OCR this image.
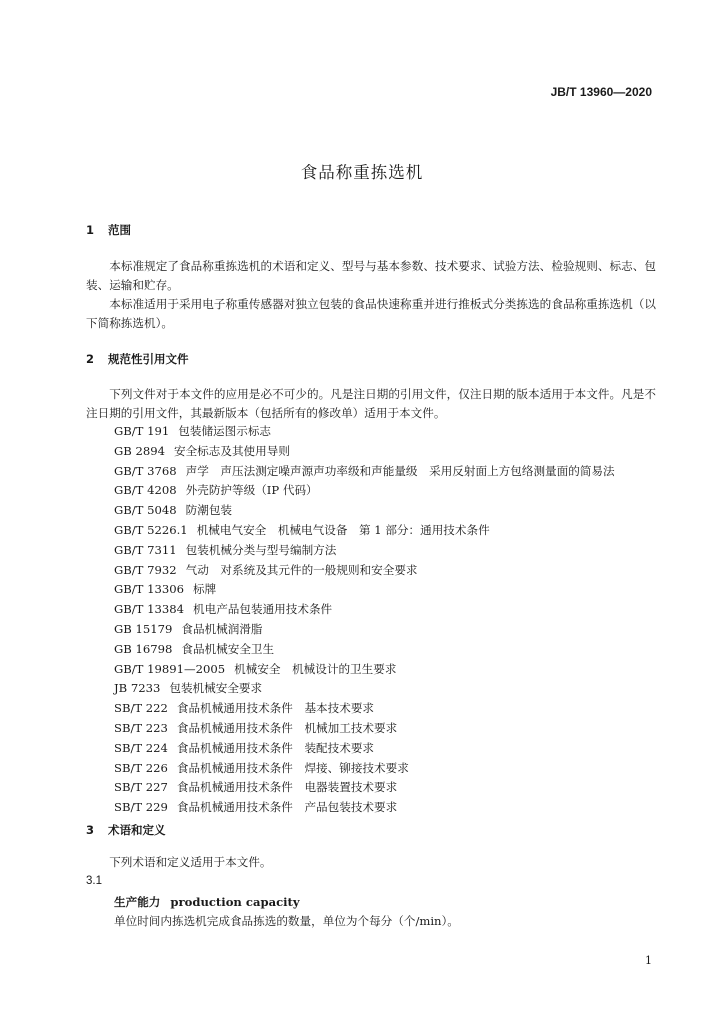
JB/T 13960—2020
食品称重拣选机
1 范围

本标准规定了食品称重拣选机的术语和定义、型号与基本参数、技术要求、试验方法、检验规则、标志、包装、运输和贮存。

本标准适用于采用电子称重传感器对独立包装的食品快速称重并进行推板式分类拣选的食品称重拣选机（以下简称拣选机）。

2 规范性引用文件

下列文件对于本文件的应用是必不可少的。凡是注日期的引用文件，仅注日期的版本适用于本文件。凡是不注日期的引用文件，其最新版本（包括所有的修改单）适用于本文件。

GB/T 191 包装储运图示标志
GB 2894 安全标志及其使用导则
GB/T 3768 声学　声压法测定噪声源声功率级和声能量级　采用反射面上方包络测量面的简易法
GB/T 4208 外壳防护等级（IP 代码）
GB/T 5048 防潮包装
GB/T 5226.1 机械电气安全　机械电气设备　第 1 部分：通用技术条件
GB/T 7311 包装机械分类与型号编制方法
GB/T 7932 气动　对系统及其元件的一般规则和安全要求
GB/T 13306 标牌
GB/T 13384 机电产品包装通用技术条件
GB 15179 食品机械润滑脂
GB 16798 食品机械安全卫生
GB/T 19891—2005 机械安全　机械设计的卫生要求
JB 7233 包装机械安全要求
SB/T 222 食品机械通用技术条件　基本技术要求
SB/T 223 食品机械通用技术条件　机械加工技术要求
SB/T 224 食品机械通用技术条件　装配技术要求
SB/T 226 食品机械通用技术条件　焊接、铆接技术要求
SB/T 227 食品机械通用技术条件　电器装置技术要求
SB/T 229 食品机械通用技术条件　产品包装技术要求
3 术语和定义

下列术语和定义适用于本文件。

3.1
生产能力 production capacity
单位时间内拣选机完成食品拣选的数量，单位为个每分（个/min）。
1
